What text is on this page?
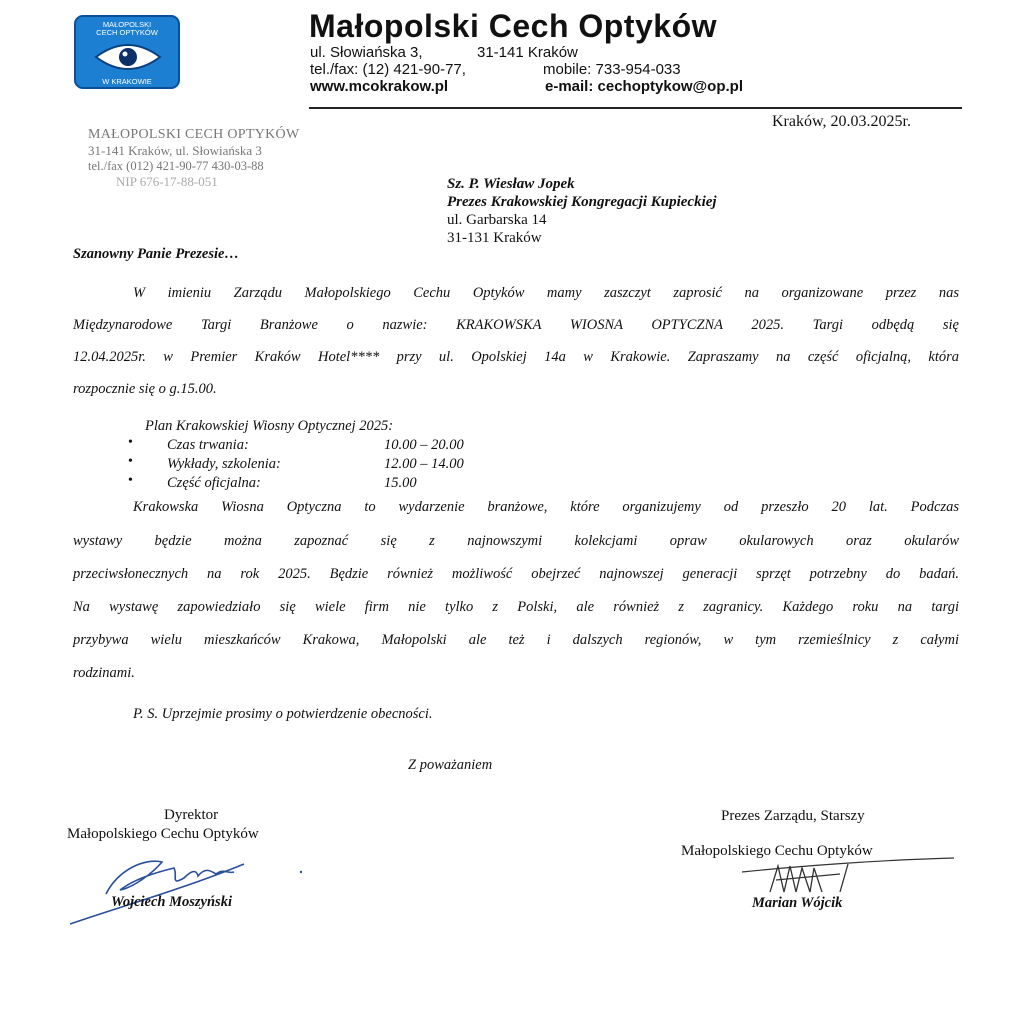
MAŁOPOLSKI
CECH OPTYKÓW
W KRAKOWIE
Małopolski Cech Optyków
ul. Słowiańska 3,	31-141 Kraków
tel./fax: (12) 421-90-77,	mobile: 733-954-033
www.mcokrakow.pl	e-mail: cechoptykow@op.pl
Kraków, 20.03.2025r.
MAŁOPOLSKI CECH OPTYKÓW
31-141 Kraków, ul. Słowiańska 3
tel./fax (012) 421-90-77 430-03-88
NIP 676-17-88-051	Sz. P. Wiesław Jopek
Prezes Krakowskiej Kongregacji Kupieckiej
ul. Garbarska 14
31-131 Kraków
Szanowny Panie Prezesie…
W imieniu Zarządu Małopolskiego Cechu Optyków mamy zaszczyt zaprosić na organizowane przez nas
Międzynarodowe Targi Branżowe o nazwie: KRAKOWSKA WIOSNA OPTYCZNA 2025. Targi odbędą się
12.04.2025r. w Premier Kraków Hotel**** przy ul. Opolskiej 14a w Krakowie. Zapraszamy na część oficjalną, która
rozpocznie się o g.15.00.
Plan Krakowskiej Wiosny Optycznej 2025:
• Czas trwania:	10.00 – 20.00
• Wykłady, szkolenia:	12.00 – 14.00
• Część oficjalna:	15.00
Krakowska Wiosna Optyczna to wydarzenie branżowe, które organizujemy od przeszło 20 lat. Podczas
wystawy będzie można zapoznać się z najnowszymi kolekcjami opraw okularowych oraz okularów
przeciwsłonecznych na rok 2025. Będzie również możliwość obejrzeć najnowszej generacji sprzęt potrzebny do badań.
Na wystawę zapowiedziało się wiele firm nie tylko z Polski, ale również z zagranicy. Każdego roku na targi
przybywa wielu mieszkańców Krakowa, Małopolski ale też i dalszych regionów, w tym rzemieślnicy z całymi
rodzinami.
P. S. Uprzejmie prosimy o potwierdzenie obecności.
Z poważaniem
Dyrektor
Małopolskiego Cechu Optyków
Wojciech Moszyński
Prezes Zarządu, Starszy
Małopolskiego Cechu Optyków
Marian Wójcik
